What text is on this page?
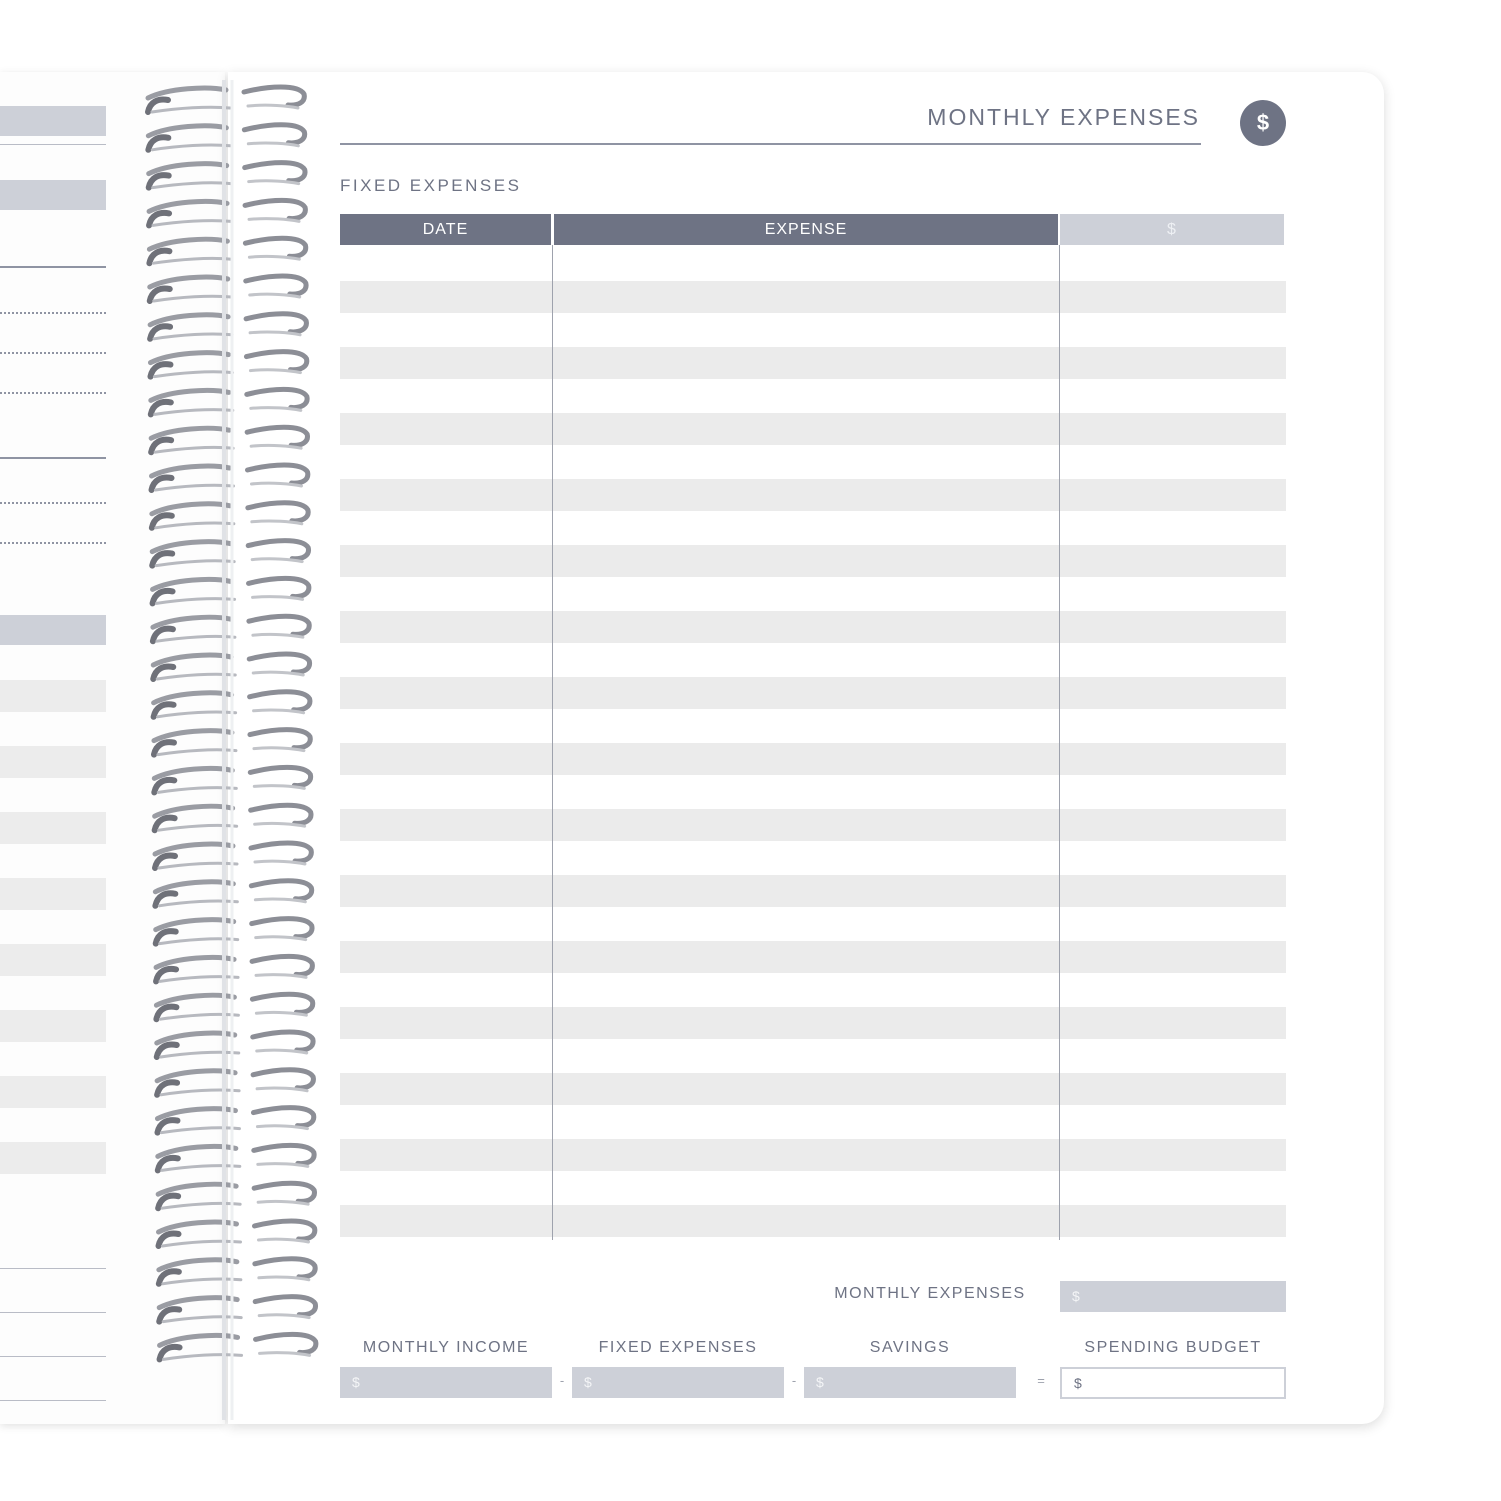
MONTHLY EXPENSES	$
FIXED EXPENSES
DATE	EXPENSE	$
MONTHLY EXPENSES	$
MONTHLY INCOME	FIXED EXPENSES	SAVINGS	SPENDING BUDGET
$	-	$	-	$	=	$
